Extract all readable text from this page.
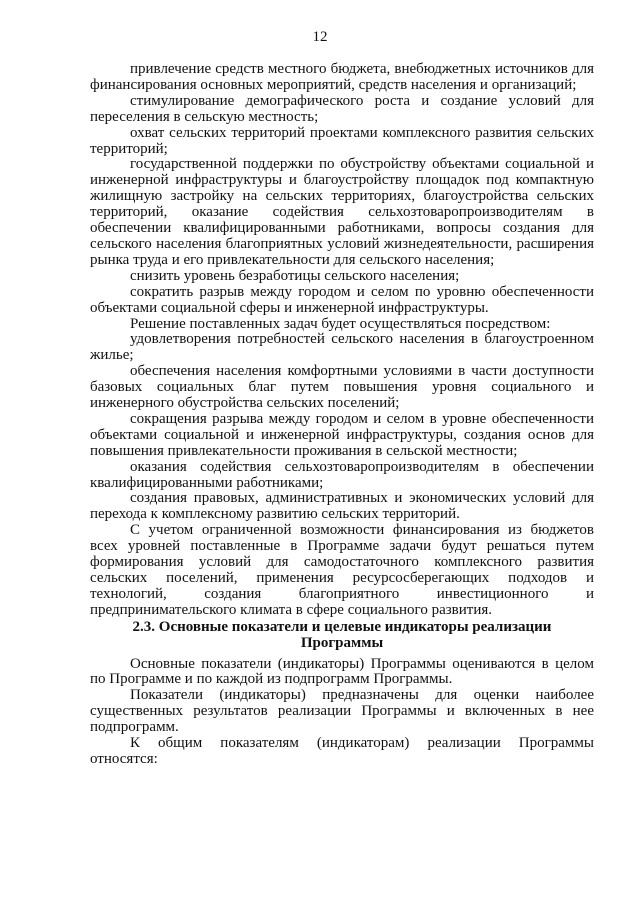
12

привлечение средств местного бюджета, внебюджетных источников для финансирования основных мероприятий, средств населения и организаций;

стимулирование демографического роста и создание условий для переселения в сельскую местность;

охват сельских территорий проектами комплексного развития сельских территорий;

государственной поддержки по обустройству объектами социальной и инженерной инфраструктуры и благоустройству площадок под компактную жилищную застройку на сельских территориях, благоустройства сельских территорий, оказание содействия сельхозтоваропроизводителям в обеспечении квалифицированными работниками, вопросы создания для сельского населения благоприятных условий жизнедеятельности, расширения рынка труда и его привлекательности для сельского населения;

снизить уровень безработицы сельского населения;

сократить разрыв между городом и селом по уровню обеспеченности объектами социальной сферы и инженерной инфраструктуры.

Решение поставленных задач будет осуществляться посредством:

удовлетворения потребностей сельского населения в благоустроенном жилье;

обеспечения населения комфортными условиями в части доступности базовых социальных благ путем повышения уровня социального и инженерного обустройства сельских поселений;

сокращения разрыва между городом и селом в уровне обеспеченности объектами социальной и инженерной инфраструктуры, создания основ для повышения привлекательности проживания в сельской местности;

оказания содействия сельхозтоваропроизводителям в обеспечении квалифицированными работниками;

создания правовых, административных и экономических условий для перехода к комплексному развитию сельских территорий.

С учетом ограниченной возможности финансирования из бюджетов всех уровней поставленные в Программе задачи будут решаться путем формирования условий для самодостаточного комплексного развития сельских поселений, применения ресурсосберегающих подходов и технологий, создания благоприятного инвестиционного и предпринимательского климата в сфере социального развития.

2.3. Основные показатели и целевые индикаторы реализации Программы

Основные показатели (индикаторы) Программы оцениваются в целом по Программе и по каждой из подпрограмм Программы.

Показатели (индикаторы) предназначены для оценки наиболее существенных результатов реализации Программы и включенных в нее подпрограмм.

К общим показателям (индикаторам) реализации Программы относятся:
